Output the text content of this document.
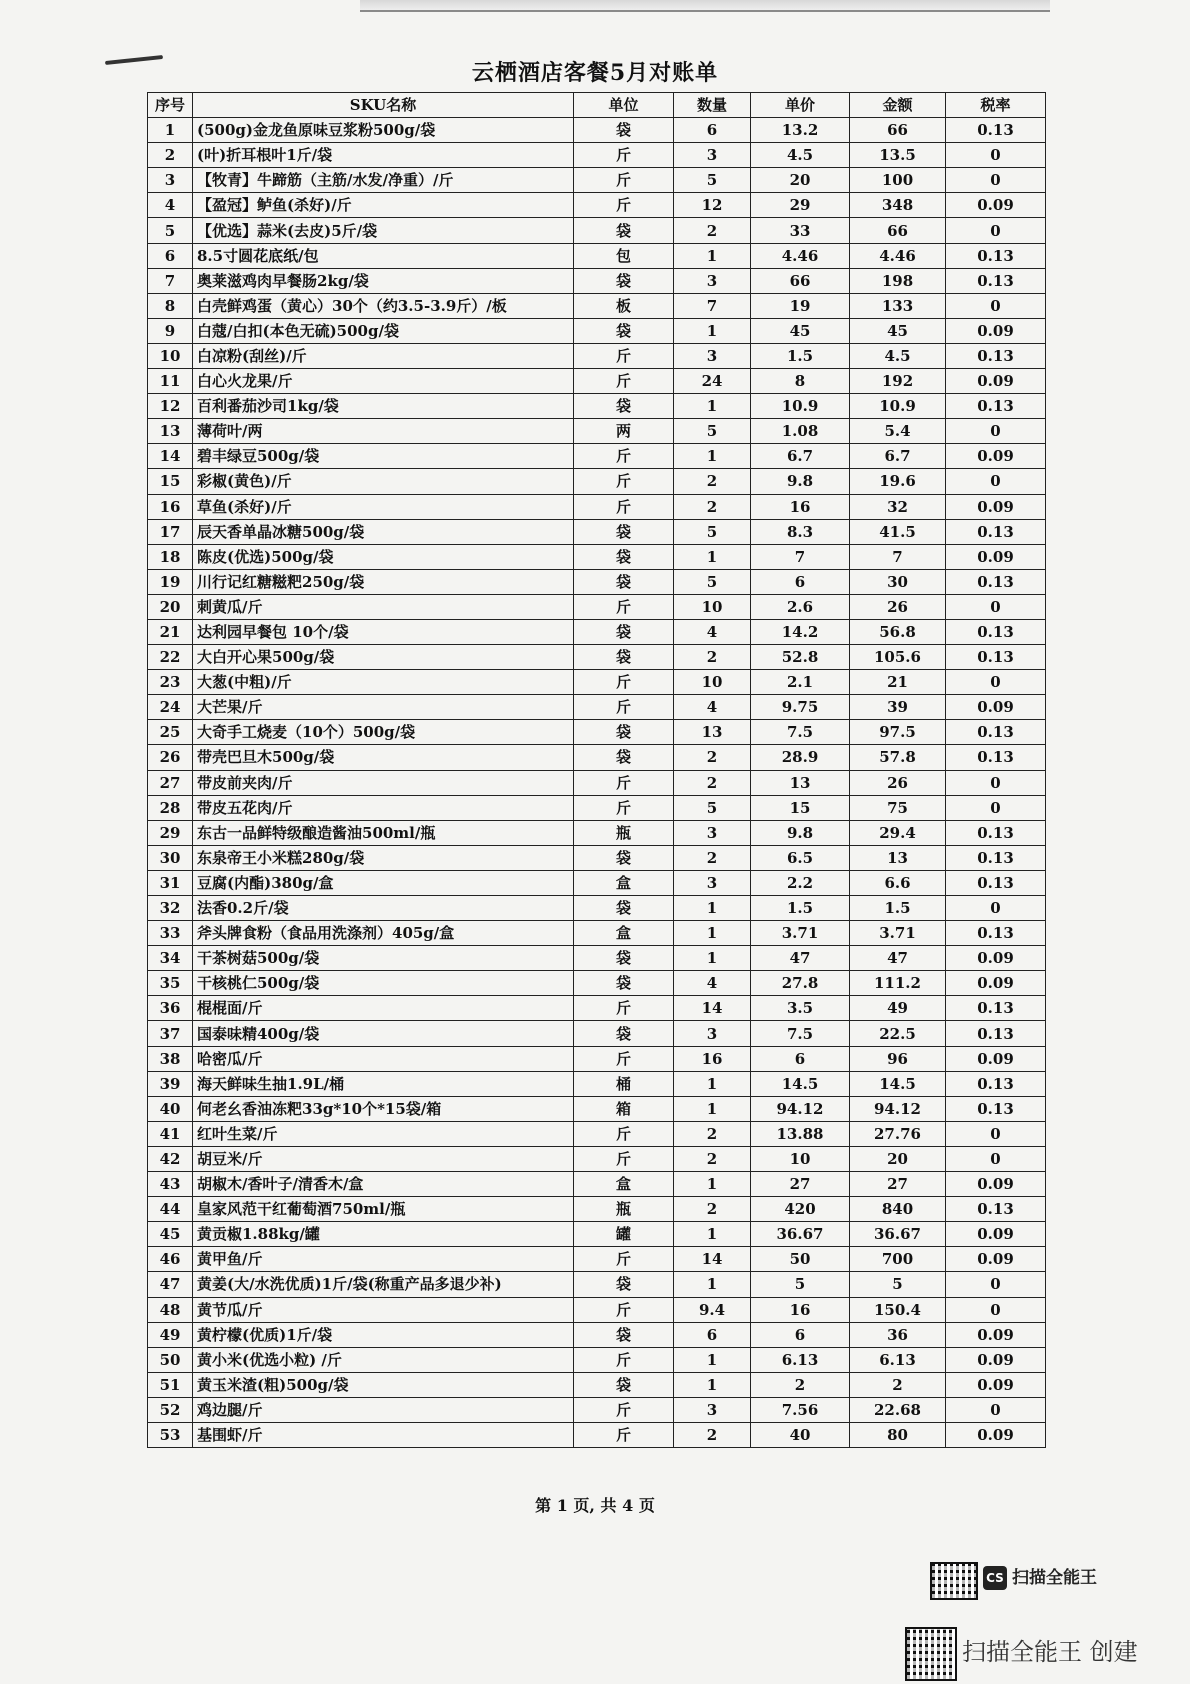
云栖酒店客餐5月对账单
序号	SKU名称	单位	数量	单价	金额	税率
1	(500g)金龙鱼原味豆浆粉500g/袋	袋	6	13.2	66	0.13
2	(叶)折耳根叶1斤/袋	斤	3	4.5	13.5	0
3	【牧青】牛蹄筋（主筋/水发/净重）/斤	斤	5	20	100	0
4	【盈冠】鲈鱼(杀好)/斤	斤	12	29	348	0.09
5	【优选】蒜米(去皮)5斤/袋	袋	2	33	66	0
6	8.5寸圆花底纸/包	包	1	4.46	4.46	0.13
7	奥莱滋鸡肉早餐肠2kg/袋	袋	3	66	198	0.13
8	白壳鲜鸡蛋（黄心）30个（约3.5-3.9斤）/板	板	7	19	133	0
9	白蔻/白扣(本色无硫)500g/袋	袋	1	45	45	0.09
10	白凉粉(刮丝)/斤	斤	3	1.5	4.5	0.13
11	白心火龙果/斤	斤	24	8	192	0.09
12	百利番茄沙司1kg/袋	袋	1	10.9	10.9	0.13
13	薄荷叶/两	两	5	1.08	5.4	0
14	碧丰绿豆500g/袋	斤	1	6.7	6.7	0.09
15	彩椒(黄色)/斤	斤	2	9.8	19.6	0
16	草鱼(杀好)/斤	斤	2	16	32	0.09
17	辰天香单晶冰糖500g/袋	袋	5	8.3	41.5	0.13
18	陈皮(优选)500g/袋	袋	1	7	7	0.09
19	川行记红糖糍粑250g/袋	袋	5	6	30	0.13
20	刺黄瓜/斤	斤	10	2.6	26	0
21	达利园早餐包 10个/袋	袋	4	14.2	56.8	0.13
22	大白开心果500g/袋	袋	2	52.8	105.6	0.13
23	大葱(中粗)/斤	斤	10	2.1	21	0
24	大芒果/斤	斤	4	9.75	39	0.09
25	大奇手工烧麦（10个）500g/袋	袋	13	7.5	97.5	0.13
26	带壳巴旦木500g/袋	袋	2	28.9	57.8	0.13
27	带皮前夹肉/斤	斤	2	13	26	0
28	带皮五花肉/斤	斤	5	15	75	0
29	东古一品鲜特级酿造酱油500ml/瓶	瓶	3	9.8	29.4	0.13
30	东泉帝王小米糕280g/袋	袋	2	6.5	13	0.13
31	豆腐(内酯)380g/盒	盒	3	2.2	6.6	0.13
32	法香0.2斤/袋	袋	1	1.5	1.5	0
33	斧头牌食粉（食品用洗涤剂）405g/盒	盒	1	3.71	3.71	0.13
34	干茶树菇500g/袋	袋	1	47	47	0.09
35	干核桃仁500g/袋	袋	4	27.8	111.2	0.09
36	棍棍面/斤	斤	14	3.5	49	0.13
37	国泰味精400g/袋	袋	3	7.5	22.5	0.13
38	哈密瓜/斤	斤	16	6	96	0.09
39	海天鲜味生抽1.9L/桶	桶	1	14.5	14.5	0.13
40	何老幺香油冻粑33g*10个*15袋/箱	箱	1	94.12	94.12	0.13
41	红叶生菜/斤	斤	2	13.88	27.76	0
42	胡豆米/斤	斤	2	10	20	0
43	胡椒木/香叶子/清香木/盒	盒	1	27	27	0.09
44	皇家风范干红葡萄酒750ml/瓶	瓶	2	420	840	0.13
45	黄贡椒1.88kg/罐	罐	1	36.67	36.67	0.09
46	黄甲鱼/斤	斤	14	50	700	0.09
47	黄姜(大/水洗优质)1斤/袋(称重产品多退少补)	袋	1	5	5	0
48	黄节瓜/斤	斤	9.4	16	150.4	0
49	黄柠檬(优质)1斤/袋	袋	6	6	36	0.09
50	黄小米(优选小粒) /斤	斤	1	6.13	6.13	0.09
51	黄玉米渣(粗)500g/袋	袋	1	2	2	0.09
52	鸡边腿/斤	斤	3	7.56	22.68	0
53	基围虾/斤	斤	2	40	80	0.09
第 1 页, 共 4 页
CS 扫描全能王
扫描全能王 创建
